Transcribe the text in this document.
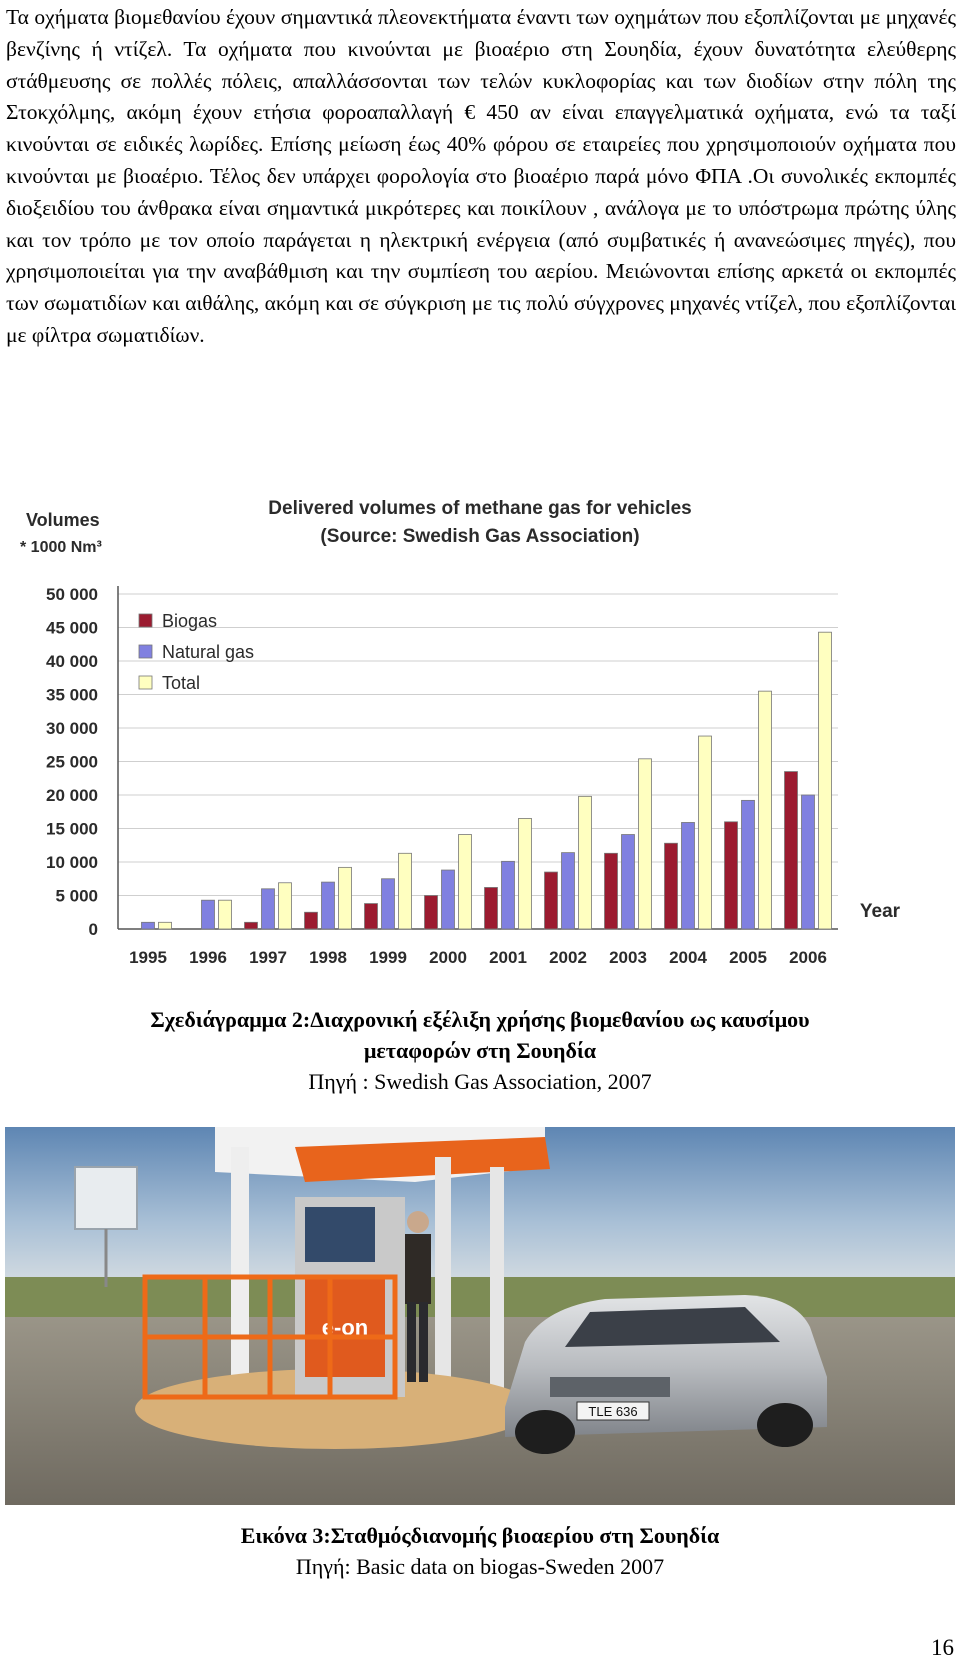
Τα οχήματα βιομεθανίου έχουν σημαντικά πλεονεκτήματα έναντι των οχημάτων που εξοπλίζονται με μηχανές βενζίνης ή ντίζελ. Τα οχήματα που κινούνται με βιοαέριο στη Σουηδία, έχουν δυνατότητα ελεύθερης στάθμευσης σε πολλές πόλεις, απαλλάσσονται των τελών κυκλοφορίας και των διοδίων στην πόλη της Στοκχόλμης, ακόμη έχουν ετήσια φοροαπαλλαγή € 450 αν είναι επαγγελματικά οχήματα, ενώ τα ταξί κινούνται σε ειδικές λωρίδες. Επίσης μείωση έως 40% φόρου σε εταιρείες που χρησιμοποιούν οχήματα που κινούνται με βιοαέριο. Τέλος δεν υπάρχει φορολογία στο βιοαέριο παρά μόνο ΦΠΑ .Οι συνολικές εκπομπές διοξειδίου του άνθρακα είναι σημαντικά μικρότερες και ποικίλουν , ανάλογα με το υπόστρωμα πρώτης ύλης και τον τρόπο με τον οποίο παράγεται η ηλεκτρική ενέργεια (από συμβατικές ή ανανεώσιμες πηγές), που χρησιμοποιείται για την αναβάθμιση και την συμπίεση του αερίου. Μειώνονται επίσης αρκετά οι εκπομπές των σωματιδίων και αιθάλης, ακόμη και σε σύγκριση με τις πολύ σύγχρονες μηχανές ντίζελ, που εξοπλίζονται με φίλτρα σωματιδίων.
Delivered volumes of methane gas for vehicles
(Source: Swedish Gas Association)
Volumes
* 1000 Nm³
0
5 000
10 000
15 000
20 000
25 000
30 000
35 000
40 000
45 000
50 000
1995 1996 1997 1998 1999 2000 2001 2002 2003 2004 2005 2006
Year
Biogas
Natural gas
Total
Σχεδιάγραμμα 2:Διαχρονική εξέλιξη χρήσης βιομεθανίου ως καυσίμου
μεταφορών στη Σουηδία
Πηγή : Swedish Gas Association, 2007
e-on
TLE 636
Εικόνα 3:Σταθμόςδιανομής βιοαερίου στη Σουηδία
Πηγή: Basic data on biogas-Sweden 2007
16
